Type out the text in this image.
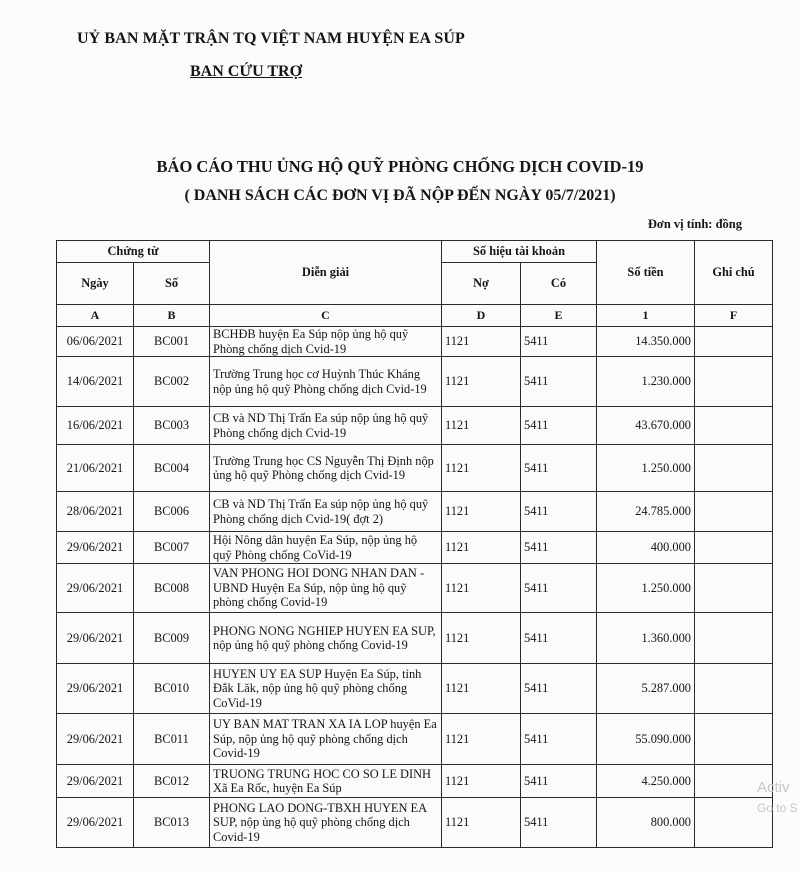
UỶ BAN MẶT TRẬN TQ VIỆT NAM HUYỆN EA SÚP
BAN CỨU TRỢ
BÁO CÁO THU ỦNG HỘ QUỸ PHÒNG CHỐNG DỊCH COVID-19
( DANH SÁCH CÁC ĐƠN VỊ ĐÃ NỘP ĐẾN NGÀY 05/7/2021)
Đơn vị tính: đồng
Chứng từ		Diễn giải	Số hiệu tài khoản		Số tiền	Ghi chú
Ngày	Số		Nợ	Có		
A	B	C	D	E	1	F
06/06/2021	BC001	BCHĐB huyện Ea Súp nộp ủng hộ quỹ Phòng chống dịch Cvid-19	1121	5411	14.350.000	
14/06/2021	BC002	Trường Trung học cơ Huỳnh Thúc Kháng nộp ủng hộ quỹ Phòng chống dịch Cvid-19	1121	5411	1.230.000	
16/06/2021	BC003	CB và ND Thị Trấn Ea súp nộp ủng hộ quỹ Phòng chống dịch Cvid-19	1121	5411	43.670.000	
21/06/2021	BC004	Trường Trung học CS Nguyễn Thị Định nộp ủng hộ quỹ Phòng chống dịch Cvid-19	1121	5411	1.250.000	
28/06/2021	BC006	CB và ND Thị Trấn Ea súp nộp ủng hộ quỹ Phòng chống dịch Cvid-19( đợt 2)	1121	5411	24.785.000	
29/06/2021	BC007	Hội Nông dân huyện Ea Súp, nộp ủng hộ quỹ Phòng chống CoVid-19	1121	5411	400.000	
29/06/2021	BC008	VAN PHONG HOI DONG NHAN DAN -UBND Huyện Ea Súp, nộp ủng hộ quỹ phòng chống Covid-19	1121	5411	1.250.000	
29/06/2021	BC009	PHONG NONG NGHIEP HUYEN EA SUP, nộp ủng hộ quỹ phòng chống Covid-19	1121	5411	1.360.000	
29/06/2021	BC010	HUYEN UY EA SUP Huyện Ea Súp, tỉnh Đắk Lăk, nộp ủng hộ quỹ phòng chống CoVid-19	1121	5411	5.287.000	
29/06/2021	BC011	UY BAN MAT TRAN XA IA LOP huyện Ea Súp, nộp ủng hộ quỹ phòng chống dịch Covid-19	1121	5411	55.090.000	
29/06/2021	BC012	TRUONG TRUNG HOC CO SO LE DINH Xã Ea Rốc, huyện Ea Súp	1121	5411	4.250.000	
29/06/2021	BC013	PHONG LAO DONG-TBXH HUYEN EA SUP, nộp ủng hộ quỹ phòng chống dịch Covid-19	1121	5411	800.000	
Activ
Go to S
